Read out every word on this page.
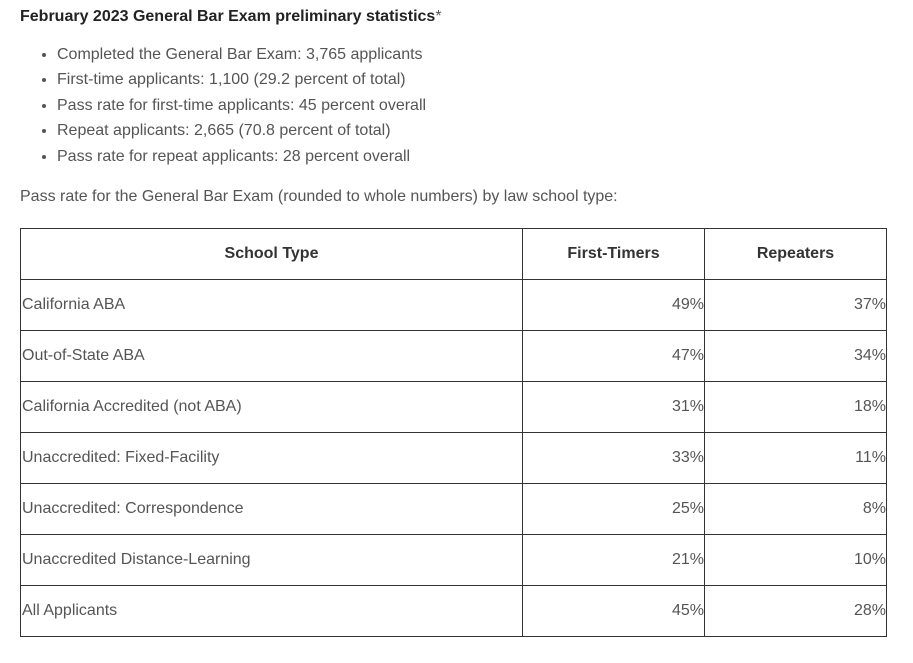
February 2023 General Bar Exam preliminary statistics*

• Completed the General Bar Exam: 3,765 applicants
• First-time applicants: 1,100 (29.2 percent of total)
• Pass rate for first-time applicants: 45 percent overall
• Repeat applicants: 2,665 (70.8 percent of total)
• Pass rate for repeat applicants: 28 percent overall

Pass rate for the General Bar Exam (rounded to whole numbers) by law school type:

School Type	First-Timers	Repeaters
California ABA	49%	37%
Out-of-State ABA	47%	34%
California Accredited (not ABA)	31%	18%
Unaccredited: Fixed-Facility	33%	11%
Unaccredited: Correspondence	25%	8%
Unaccredited Distance-Learning	21%	10%
All Applicants	45%	28%
